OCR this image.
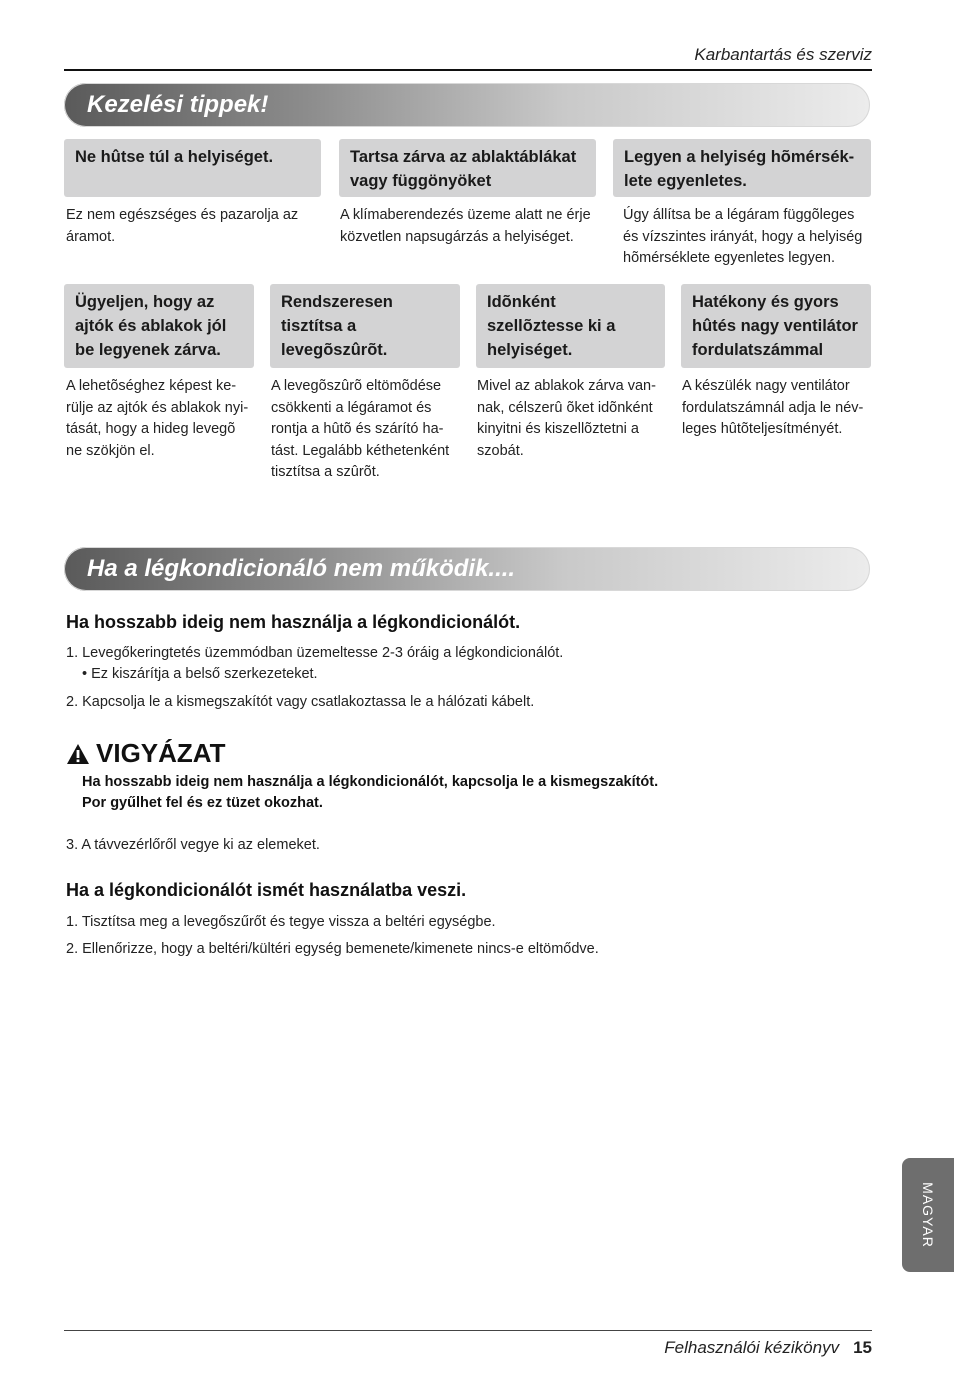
Karbantartás és szerviz
Kezelési tippek!
Ne hûtse túl a helyiséget.	Tartsa zárva az ablaktáblákat vagy függönyöket
Legyen a helyiség hõmérsék-lete egyenletes.
Ez nem egészséges és pazarolja az áramot.
A klímaberendezés üzeme alatt ne érje közvetlen napsugárzás a helyiséget.
Úgy állítsa be a légáram függõleges és vízszintes irányát, hogy a helyiség hõmérséklete egyenletes legyen.
Ügyeljen, hogy az ajtók és ablakok jól be legyenek zárva.
Rendszeresen tisztítsa a levegõszûrõt.
Idõnként szellõztesse ki a helyiséget.
Hatékony és gyors hûtés nagy ventilátor fordulatszámmal
A lehetõséghez képest ke-rülje az ajtók és ablakok nyi-tását, hogy a hideg levegõ ne szökjön el.
A levegõszûrõ eltömõdése csökkenti a légáramot és rontja a hûtõ és szárító ha-tást. Legalább kéthetenként tisztítsa a szûrõt.
Mivel az ablakok zárva van-nak, célszerû õket idõnként kinyitni és kiszellõztetni a szobát.
A készülék nagy ventilátor fordulatszámnál adja le név-leges hûtõteljesítményét.
Ha a légkondicionáló nem működik....
Ha hosszabb ideig nem használja a légkondicionálót.
1. Levegőkeringtetés üzemmódban üzemeltesse 2-3 óráig a légkondicionálót.
• Ez kiszárítja a belső szerkezeteket.
2. Kapcsolja le a kismegszakítót vagy csatlakoztassa le a hálózati kábelt.
VIGYÁZAT
Ha hosszabb ideig nem használja a légkondicionálót, kapcsolja le a kismegszakítót.
Por gyűlhet fel és ez tüzet okozhat.
3. A távvezérlőről vegye ki az elemeket.
Ha a légkondicionálót ismét használatba veszi.
1. Tisztítsa meg a levegőszűrőt és tegye vissza a beltéri egységbe.
2. Ellenőrizze, hogy a beltéri/kültéri egység bemenete/kimenete nincs-e eltömődve.
MAGYAR
Felhasználói kézikönyv 15
